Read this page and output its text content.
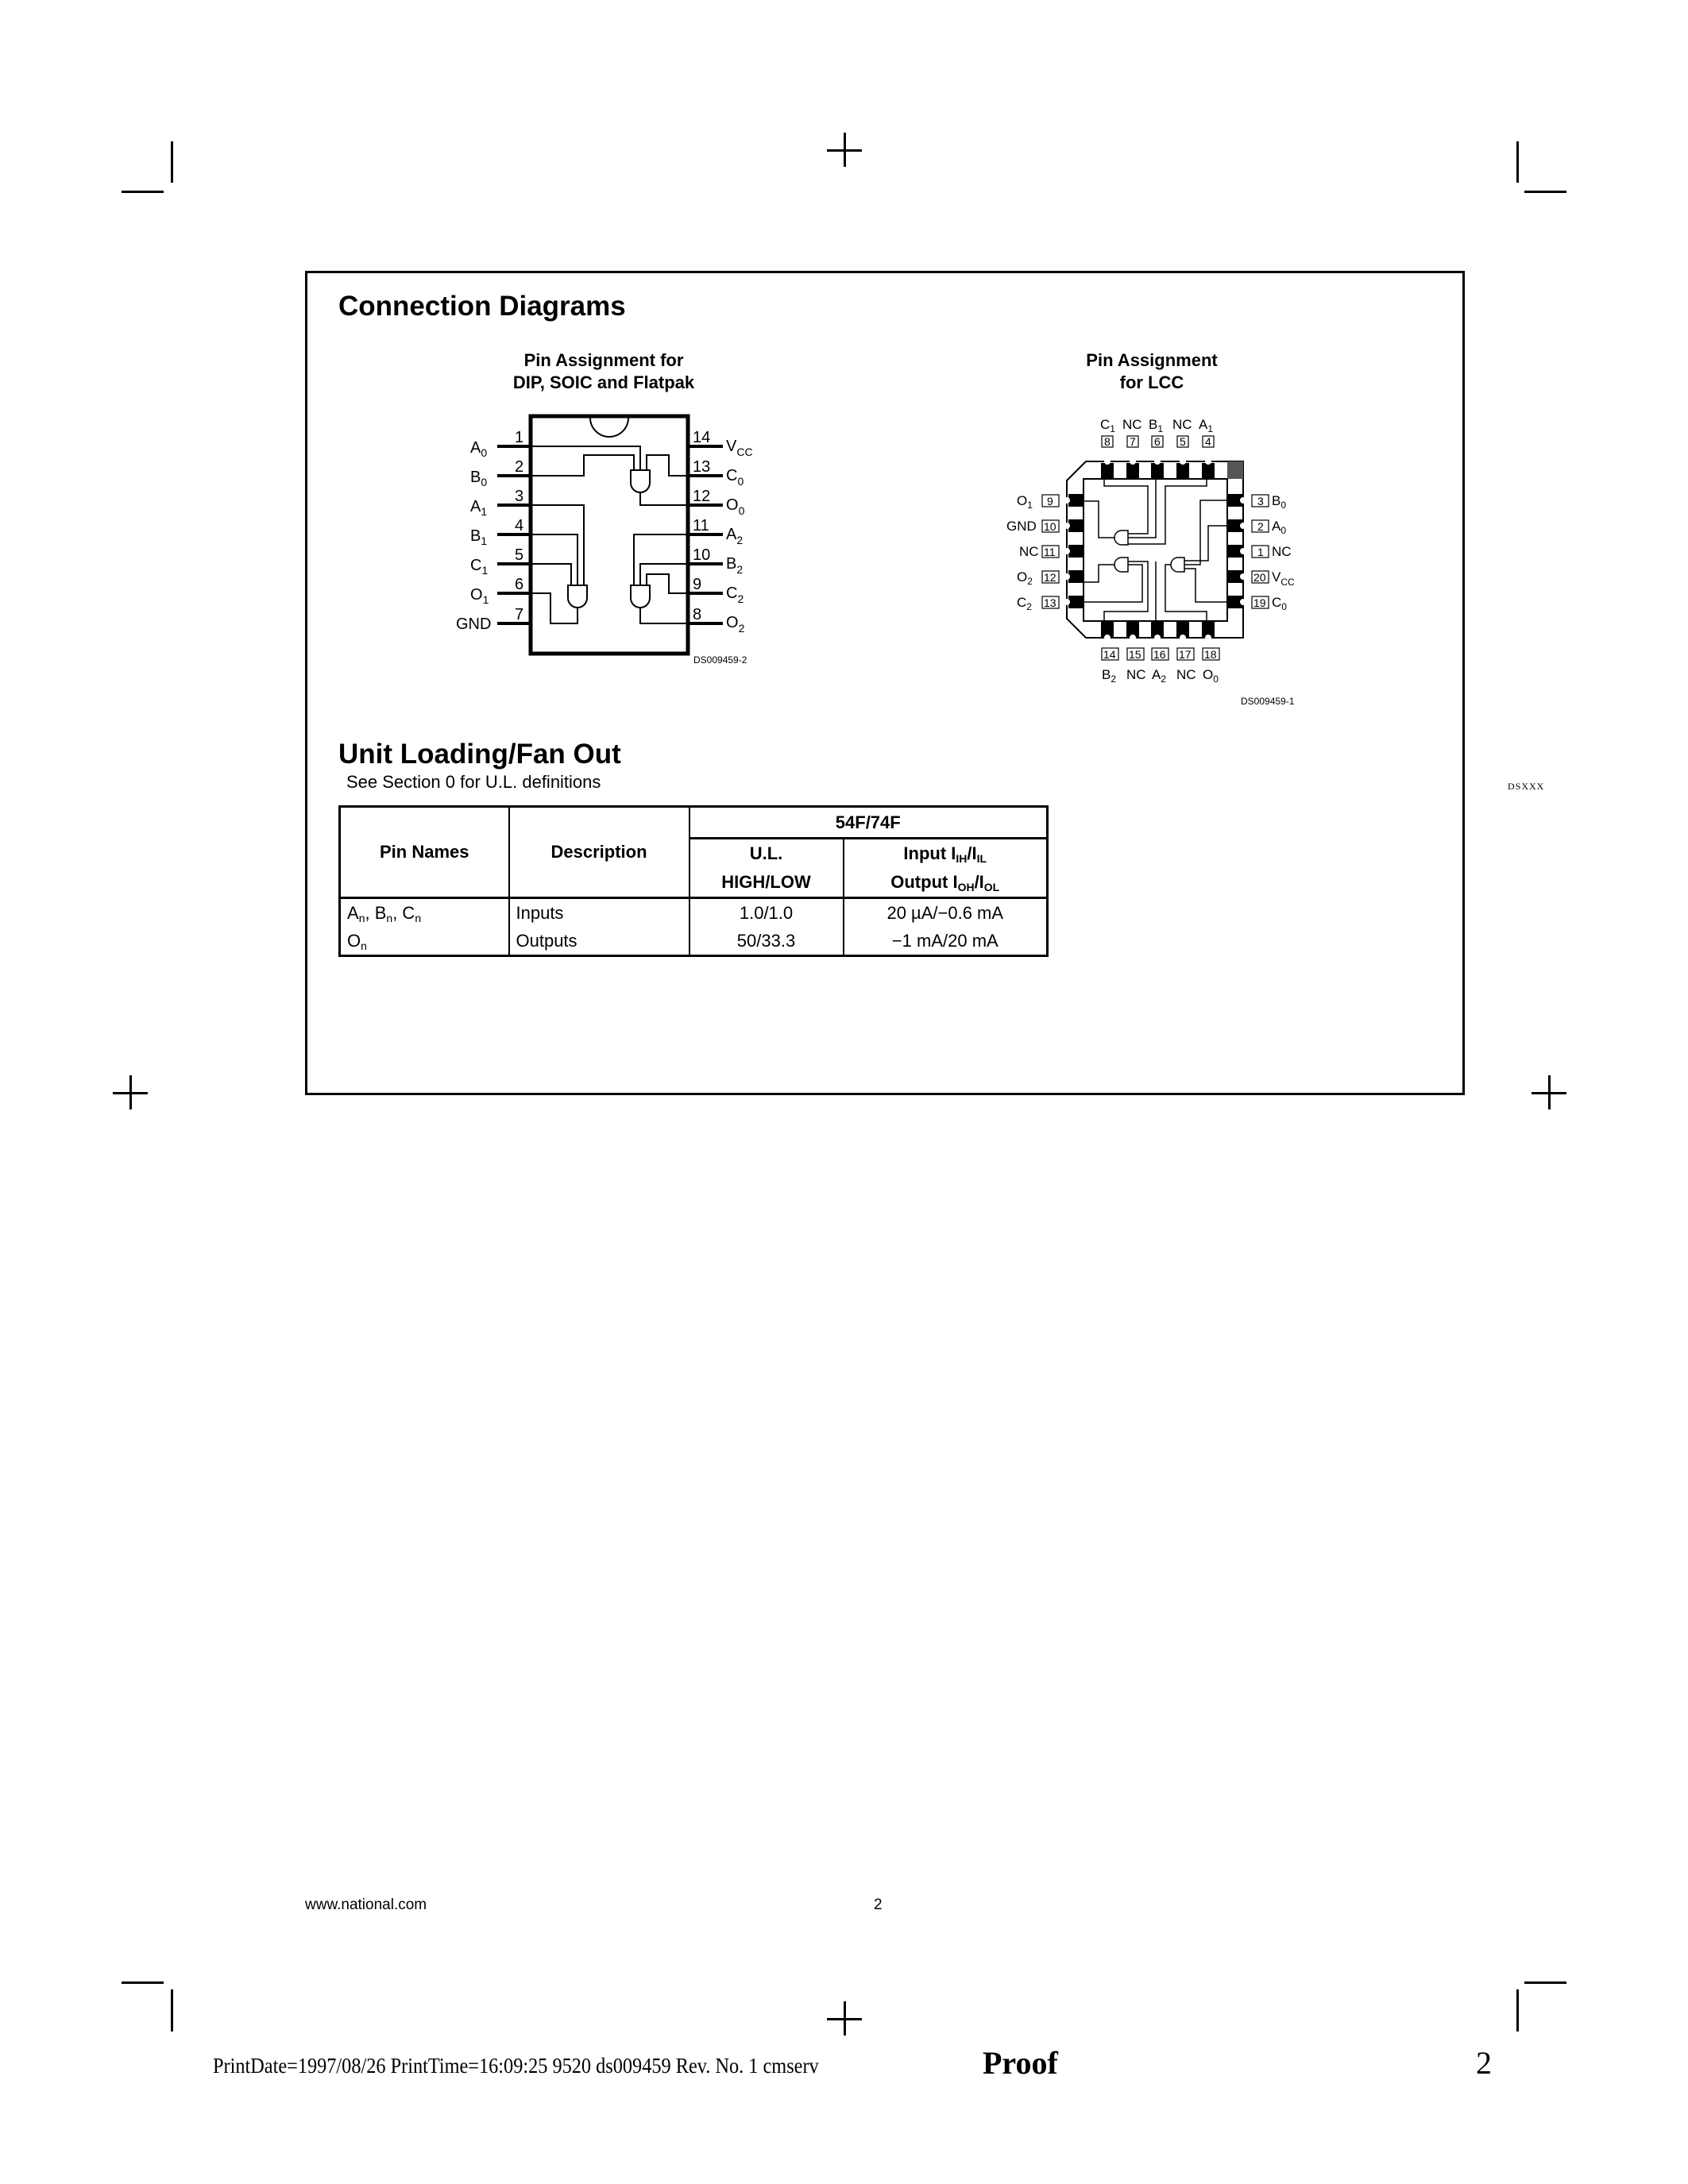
Connection Diagrams
Pin Assignment for
DIP, SOIC and Flatpak
1
2
3
4
5
6
7
14
13
12
11
10
9
8
$A_0$
$B_0$
$A_1$
$B_1$
$C_1$
$O_1$
GND
$V_{CC}$
$C_0$
$O_0$
$A_2$
$B_2$
$C_2$
$O_2$
DS009459-2
Pin Assignment
for LCC
8 7 6 5 4
$C_1$ NC $B_1$ NC $A_1$
14 15 16 17 18
$B_2$ NC $A_2$ NC $O_0$
9
10
11
12
13
$O_1$
GND
NC
$O_2$
$C_2$
3
2
1
20
19
$B_0$
$A_0$
NC
$V_{CC}$
$C_0$
DS009459-1
DSXXX
Unit Loading/Fan Out
See Section 0 for U.L. definitions
Pin Names	Description	54F/74F	
		U.L.	Input $I_{IH}/I_{IL}$
		HIGH/LOW	Output $I_{OH}/I_{OL}$
$A_n$, $B_n$, $C_n$	Inputs	1.0/1.0	20 µA/−0.6 mA
$O_n$	Outputs	50/33.3	−1 mA/20 mA
www.national.com	2
PrintDate=1997/08/26 PrintTime=16:09:25 9520 ds009459 Rev. No. 1 cmserv	Proof	2
